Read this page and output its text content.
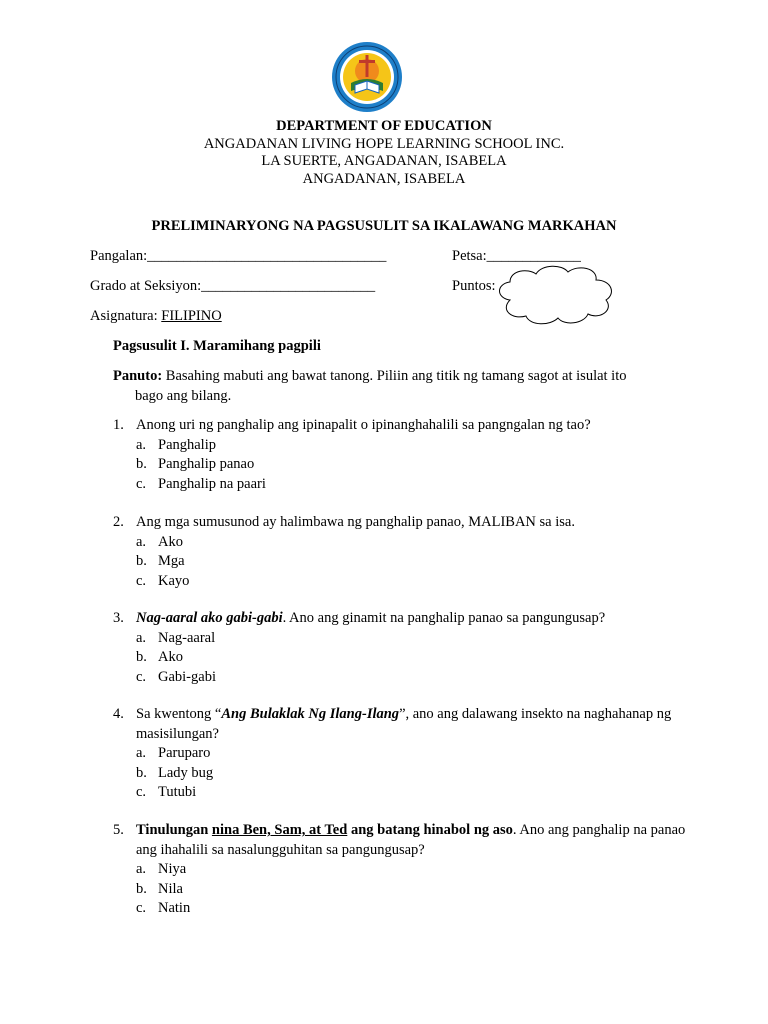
DEPARTMENT OF EDUCATION
ANGADANAN LIVING HOPE LEARNING SCHOOL INC.
LA SUERTE, ANGADANAN, ISABELA
ANGADANAN, ISABELA
PRELIMINARYONG NA PAGSUSULIT SA IKALAWANG MARKAHAN
Pangalan:_________________________________	Petsa:_____________
Grado at Seksiyon:________________________	Puntos:
Asignatura: FILIPINO
Pagsusulit I. Maramihang pagpili
Panuto: Basahing mabuti ang bawat tanong. Piliin ang titik ng tamang sagot at isulat ito
bago ang bilang.
1. Anong uri ng panghalip ang ipinapalit o ipinanghahalili sa pangngalan ng tao?
a. Panghalip
b. Panghalip panao
c. Panghalip na paari
2. Ang mga sumusunod ay halimbawa ng panghalip panao, MALIBAN sa isa.
a. Ako
b. Mga
c. Kayo
3. Nag-aaral ako gabi-gabi. Ano ang ginamit na panghalip panao sa pangungusap?
a. Nag-aaral
b. Ako
c. Gabi-gabi
4. Sa kwentong “Ang Bulaklak Ng Ilang-Ilang”, ano ang dalawang insekto na naghahanap ng masisilungan?
a. Paruparo
b. Lady bug
c. Tutubi
5. Tinulungan nina Ben, Sam, at Ted ang batang hinabol ng aso. Ano ang panghalip na panao ang ihahalili sa nasalungguhitan sa pangungusap?
a. Niya
b. Nila
c. Natin
